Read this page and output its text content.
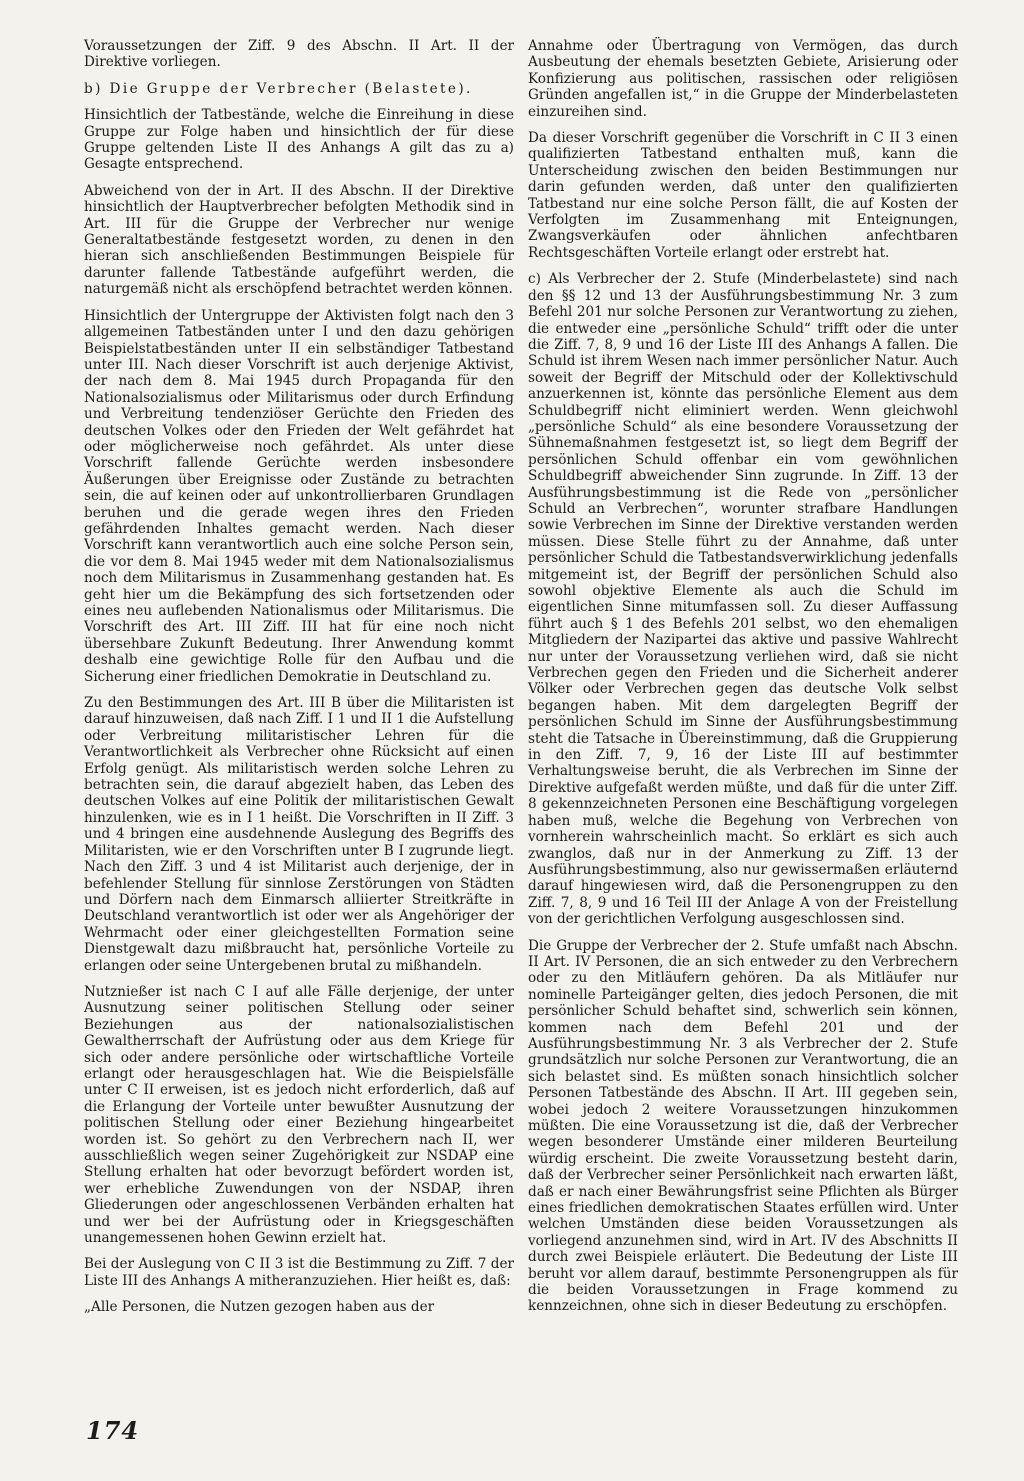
Voraussetzungen der Ziff. 9 des Abschn. II Art. II der Direktive vorliegen.

b) Die Gruppe der Verbrecher (Belastete).

Hinsichtlich der Tatbestände, welche die Einreihung in diese Gruppe zur Folge haben und hinsichtlich der für diese Gruppe geltenden Liste II des Anhangs A gilt das zu a) Gesagte entsprechend.

Abweichend von der in Art. II des Abschn. II der Direktive hinsichtlich der Hauptverbrecher befolgten Methodik sind in Art. III für die Gruppe der Verbrecher nur wenige Generaltatbestände festgesetzt worden, zu denen in den hieran sich anschließenden Bestimmungen Beispiele für darunter fallende Tatbestände aufgeführt werden, die naturgemäß nicht als erschöpfend betrachtet werden können.

Hinsichtlich der Untergruppe der Aktivisten folgt nach den 3 allgemeinen Tatbeständen unter I und den dazu gehörigen Beispielstatbeständen unter II ein selbständiger Tatbestand unter III. Nach dieser Vorschrift ist auch derjenige Aktivist, der nach dem 8. Mai 1945 durch Propaganda für den Nationalsozialismus oder Militarismus oder durch Erfindung und Verbreitung tendenziöser Gerüchte den Frieden des deutschen Volkes oder den Frieden der Welt gefährdet hat oder möglicherweise noch gefährdet. Als unter diese Vorschrift fallende Gerüchte werden insbesondere Äußerungen über Ereignisse oder Zustände zu betrachten sein, die auf keinen oder auf unkontrollierbaren Grundlagen beruhen und die gerade wegen ihres den Frieden gefährdenden Inhaltes gemacht werden. Nach dieser Vorschrift kann verantwortlich auch eine solche Person sein, die vor dem 8. Mai 1945 weder mit dem Nationalsozialismus noch dem Militarismus in Zusammenhang gestanden hat. Es geht hier um die Bekämpfung des sich fortsetzenden oder eines neu auflebenden Nationalismus oder Militarismus. Die Vorschrift des Art. III Ziff. III hat für eine noch nicht übersehbare Zukunft Bedeutung. Ihrer Anwendung kommt deshalb eine gewichtige Rolle für den Aufbau und die Sicherung einer friedlichen Demokratie in Deutschland zu.

Zu den Bestimmungen des Art. III B über die Militaristen ist darauf hinzuweisen, daß nach Ziff. I 1 und II 1 die Aufstellung oder Verbreitung militaristischer Lehren für die Verantwortlichkeit als Verbrecher ohne Rücksicht auf einen Erfolg genügt. Als militaristisch werden solche Lehren zu betrachten sein, die darauf abgezielt haben, das Leben des deutschen Volkes auf eine Politik der militaristischen Gewalt hinzulenken, wie es in I 1 heißt. Die Vorschriften in II Ziff. 3 und 4 bringen eine ausdehnende Auslegung des Begriffs des Militaristen, wie er den Vorschriften unter B I zugrunde liegt. Nach den Ziff. 3 und 4 ist Militarist auch derjenige, der in befehlender Stellung für sinnlose Zerstörungen von Städten und Dörfern nach dem Einmarsch alliierter Streitkräfte in Deutschland verantwortlich ist oder wer als Angehöriger der Wehrmacht oder einer gleichgestellten Formation seine Dienstgewalt dazu mißbraucht hat, persönliche Vorteile zu erlangen oder seine Untergebenen brutal zu mißhandeln.

Nutznießer ist nach C I auf alle Fälle derjenige, der unter Ausnutzung seiner politischen Stellung oder seiner Beziehungen aus der nationalsozialistischen Gewaltherrschaft der Aufrüstung oder aus dem Kriege für sich oder andere persönliche oder wirtschaftliche Vorteile erlangt oder herausgeschlagen hat. Wie die Beispielsfälle unter C II erweisen, ist es jedoch nicht erforderlich, daß auf die Erlangung der Vorteile unter bewußter Ausnutzung der politischen Stellung oder einer Beziehung hingearbeitet worden ist. So gehört zu den Verbrechern nach II, wer ausschließlich wegen seiner Zugehörigkeit zur NSDAP eine Stellung erhalten hat oder bevorzugt befördert worden ist, wer erhebliche Zuwendungen von der NSDAP, ihren Gliederungen oder angeschlossenen Verbänden erhalten hat und wer bei der Aufrüstung oder in Kriegsgeschäften unangemessenen hohen Gewinn erzielt hat.

Bei der Auslegung von C II 3 ist die Bestimmung zu Ziff. 7 der Liste III des Anhangs A mitheranzuziehen. Hier heißt es, daß:

„Alle Personen, die Nutzen gezogen haben aus der

Annahme oder Übertragung von Vermögen, das durch Ausbeutung der ehemals besetzten Gebiete, Arisierung oder Konfizierung aus politischen, rassischen oder religiösen Gründen angefallen ist,“ in die Gruppe der Minderbelasteten einzureihen sind.

Da dieser Vorschrift gegenüber die Vorschrift in C II 3 einen qualifizierten Tatbestand enthalten muß, kann die Unterscheidung zwischen den beiden Bestimmungen nur darin gefunden werden, daß unter den qualifizierten Tatbestand nur eine solche Person fällt, die auf Kosten der Verfolgten im Zusammenhang mit Enteignungen, Zwangsverkäufen oder ähnlichen anfechtbaren Rechtsgeschäften Vorteile erlangt oder erstrebt hat.

c) Als Verbrecher der 2. Stufe (Minderbelastete) sind nach den §§ 12 und 13 der Ausführungsbestimmung Nr. 3 zum Befehl 201 nur solche Personen zur Verantwortung zu ziehen, die entweder eine „persönliche Schuld“ trifft oder die unter die Ziff. 7, 8, 9 und 16 der Liste III des Anhangs A fallen. Die Schuld ist ihrem Wesen nach immer persönlicher Natur. Auch soweit der Begriff der Mitschuld oder der Kollektivschuld anzuerkennen ist, könnte das persönliche Element aus dem Schuldbegriff nicht eliminiert werden. Wenn gleichwohl „persönliche Schuld“ als eine besondere Voraussetzung der Sühnemaßnahmen festgesetzt ist, so liegt dem Begriff der persönlichen Schuld offenbar ein vom gewöhnlichen Schuldbegriff abweichender Sinn zugrunde. In Ziff. 13 der Ausführungsbestimmung ist die Rede von „persönlicher Schuld an Verbrechen“, worunter strafbare Handlungen sowie Verbrechen im Sinne der Direktive verstanden werden müssen. Diese Stelle führt zu der Annahme, daß unter persönlicher Schuld die Tatbestandsverwirklichung jedenfalls mitgemeint ist, der Begriff der persönlichen Schuld also sowohl objektive Elemente als auch die Schuld im eigentlichen Sinne mitumfassen soll. Zu dieser Auffassung führt auch § 1 des Befehls 201 selbst, wo den ehemaligen Mitgliedern der Nazipartei das aktive und passive Wahlrecht nur unter der Voraussetzung verliehen wird, daß sie nicht Verbrechen gegen den Frieden und die Sicherheit anderer Völker oder Verbrechen gegen das deutsche Volk selbst begangen haben. Mit dem dargelegten Begriff der persönlichen Schuld im Sinne der Ausführungsbestimmung steht die Tatsache in Übereinstimmung, daß die Gruppierung in den Ziff. 7, 9, 16 der Liste III auf bestimmter Verhaltungsweise beruht, die als Verbrechen im Sinne der Direktive aufgefaßt werden müßte, und daß für die unter Ziff. 8 gekennzeichneten Personen eine Beschäftigung vorgelegen haben muß, welche die Begehung von Verbrechen von vornherein wahrscheinlich macht. So erklärt es sich auch zwanglos, daß nur in der Anmerkung zu Ziff. 13 der Ausführungsbestimmung, also nur gewissermaßen erläuternd darauf hingewiesen wird, daß die Personengruppen zu den Ziff. 7, 8, 9 und 16 Teil III der Anlage A von der Freistellung von der gerichtlichen Verfolgung ausgeschlossen sind.

Die Gruppe der Verbrecher der 2. Stufe umfaßt nach Abschn. II Art. IV Personen, die an sich entweder zu den Verbrechern oder zu den Mitläufern gehören. Da als Mitläufer nur nominelle Parteigänger gelten, dies jedoch Personen, die mit persönlicher Schuld behaftet sind, schwerlich sein können, kommen nach dem Befehl 201 und der Ausführungsbestimmung Nr. 3 als Verbrecher der 2. Stufe grundsätzlich nur solche Personen zur Verantwortung, die an sich belastet sind. Es müßten sonach hinsichtlich solcher Personen Tatbestände des Abschn. II Art. III gegeben sein, wobei jedoch 2 weitere Voraussetzungen hinzukommen müßten. Die eine Voraussetzung ist die, daß der Verbrecher wegen besonderer Umstände einer milderen Beurteilung würdig erscheint. Die zweite Voraussetzung besteht darin, daß der Verbrecher seiner Persönlichkeit nach erwarten läßt, daß er nach einer Bewährungsfrist seine Pflichten als Bürger eines friedlichen demokratischen Staates erfüllen wird. Unter welchen Umständen diese beiden Voraussetzungen als vorliegend anzunehmen sind, wird in Art. IV des Abschnitts II durch zwei Beispiele erläutert. Die Bedeutung der Liste III beruht vor allem darauf, bestimmte Personengruppen als für die beiden Voraussetzungen in Frage kommend zu kennzeichnen, ohne sich in dieser Bedeutung zu erschöpfen.

174
